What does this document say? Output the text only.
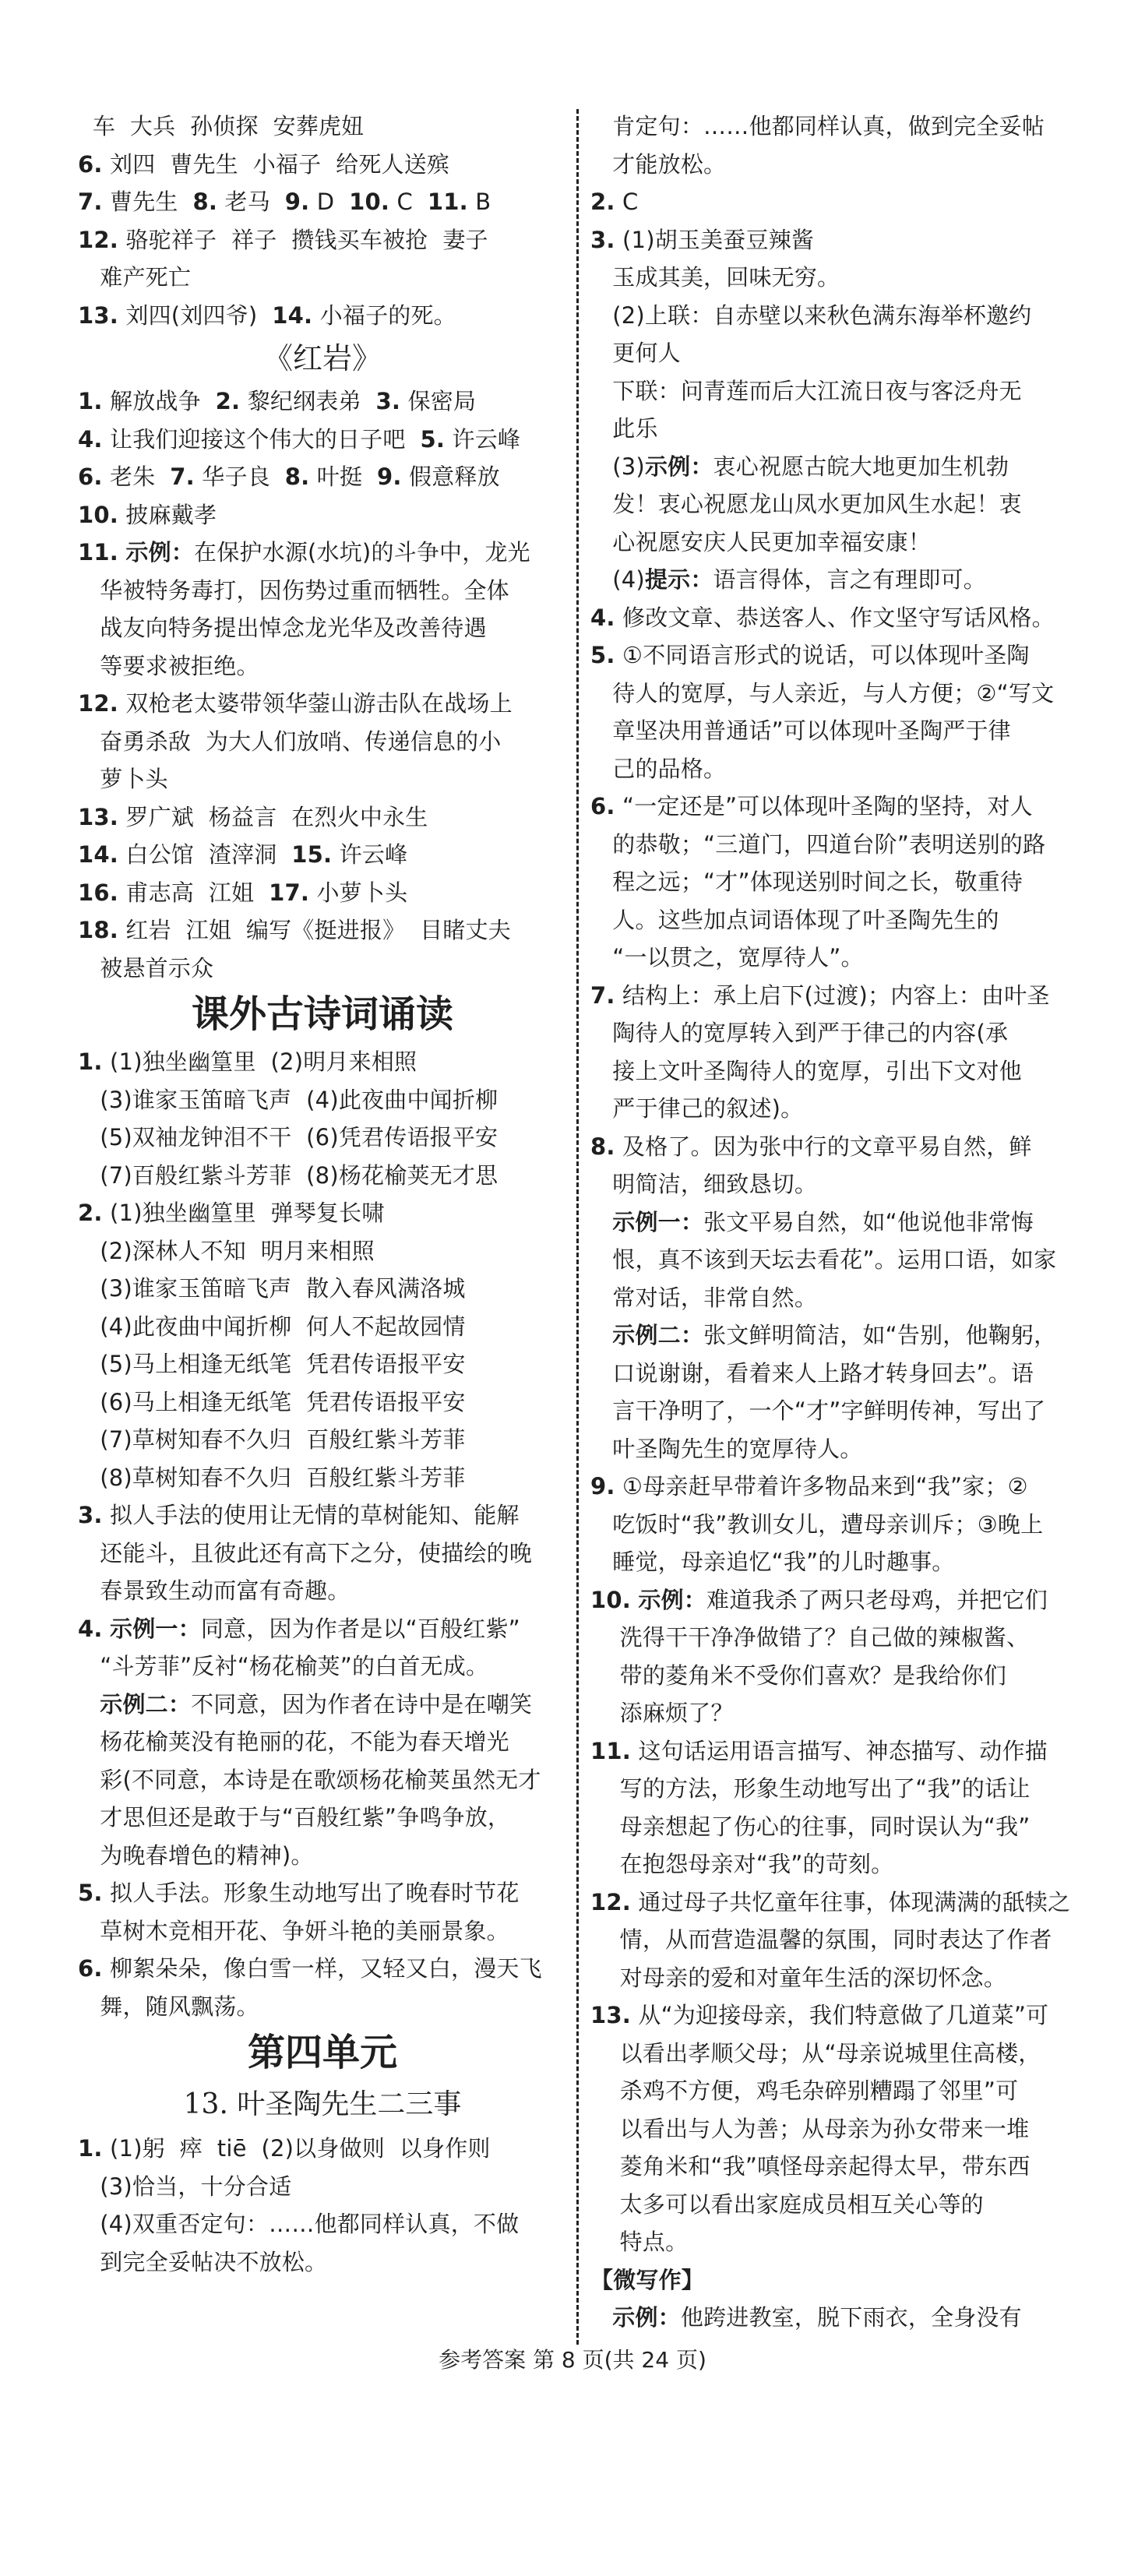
车  大兵  孙侦探  安葬虎妞
6. 刘四  曹先生  小福子  给死人送殡
7. 曹先生  8. 老马  9. D  10. C  11. B
12. 骆驼祥子  祥子  攒钱买车被抢  妻子
难产死亡
13. 刘四(刘四爷)  14. 小福子的死。
《红岩》
1. 解放战争  2. 黎纪纲表弟  3. 保密局
4. 让我们迎接这个伟大的日子吧  5. 许云峰
6. 老朱  7. 华子良  8. 叶挺  9. 假意释放
10. 披麻戴孝
11. 示例：在保护水源(水坑)的斗争中，龙光
华被特务毒打，因伤势过重而牺牲。全体
战友向特务提出悼念龙光华及改善待遇
等要求被拒绝。
12. 双枪老太婆带领华蓥山游击队在战场上
奋勇杀敌  为大人们放哨、传递信息的小
萝卜头
13. 罗广斌  杨益言  在烈火中永生
14. 白公馆  渣滓洞  15. 许云峰
16. 甫志高  江姐  17. 小萝卜头
18. 红岩  江姐  编写《挺进报》  目睹丈夫
被悬首示众
课外古诗词诵读
1. (1)独坐幽篁里  (2)明月来相照
(3)谁家玉笛暗飞声  (4)此夜曲中闻折柳
(5)双袖龙钟泪不干  (6)凭君传语报平安
(7)百般红紫斗芳菲  (8)杨花榆荚无才思
2. (1)独坐幽篁里  弹琴复长啸
(2)深林人不知  明月来相照
(3)谁家玉笛暗飞声  散入春风满洛城
(4)此夜曲中闻折柳  何人不起故园情
(5)马上相逢无纸笔  凭君传语报平安
(6)马上相逢无纸笔  凭君传语报平安
(7)草树知春不久归  百般红紫斗芳菲
(8)草树知春不久归  百般红紫斗芳菲
3. 拟人手法的使用让无情的草树能知、能解
还能斗，且彼此还有高下之分，使描绘的晚
春景致生动而富有奇趣。
4. 示例一：同意，因为作者是以“百般红紫”
“斗芳菲”反衬“杨花榆荚”的白首无成。
示例二：不同意，因为作者在诗中是在嘲笑
杨花榆荚没有艳丽的花，不能为春天增光
彩(不同意，本诗是在歌颂杨花榆荚虽然无才
才思但还是敢于与“百般红紫”争鸣争放，
为晚春增色的精神)。
5. 拟人手法。形象生动地写出了晚春时节花
草树木竞相开花、争妍斗艳的美丽景象。
6. 柳絮朵朵，像白雪一样，又轻又白，漫天飞
舞，随风飘荡。
第四单元
13. 叶圣陶先生二三事
1. (1)躬  瘁  tiē  (2)以身做则  以身作则
(3)恰当，十分合适
(4)双重否定句：……他都同样认真，不做
到完全妥帖决不放松。
肯定句：……他都同样认真，做到完全妥帖
才能放松。
2. C
3. (1)胡玉美蚕豆辣酱
玉成其美，回味无穷。
(2)上联：自赤壁以来秋色满东海举杯邀约
更何人
下联：问青莲而后大江流日夜与客泛舟无
此乐
(3)示例：衷心祝愿古皖大地更加生机勃
发！衷心祝愿龙山凤水更加风生水起！衷
心祝愿安庆人民更加幸福安康！
(4)提示：语言得体，言之有理即可。
4. 修改文章、恭送客人、作文坚守写话风格。
5. ①不同语言形式的说话，可以体现叶圣陶
待人的宽厚，与人亲近，与人方便；②“写文
章坚决用普通话”可以体现叶圣陶严于律
己的品格。
6. “一定还是”可以体现叶圣陶的坚持，对人
的恭敬；“三道门，四道台阶”表明送别的路
程之远；“才”体现送别时间之长，敬重待
人。这些加点词语体现了叶圣陶先生的
“一以贯之，宽厚待人”。
7. 结构上：承上启下(过渡)；内容上：由叶圣
陶待人的宽厚转入到严于律己的内容(承
接上文叶圣陶待人的宽厚，引出下文对他
严于律己的叙述)。
8. 及格了。因为张中行的文章平易自然，鲜
明简洁，细致恳切。
示例一：张文平易自然，如“他说他非常悔
恨，真不该到天坛去看花”。运用口语，如家
常对话，非常自然。
示例二：张文鲜明简洁，如“告别，他鞠躬，
口说谢谢，看着来人上路才转身回去”。语
言干净明了，一个“才”字鲜明传神，写出了
叶圣陶先生的宽厚待人。
9. ①母亲赶早带着许多物品来到“我”家；②
吃饭时“我”教训女儿，遭母亲训斥；③晚上
睡觉，母亲追忆“我”的儿时趣事。
10. 示例：难道我杀了两只老母鸡，并把它们
洗得干干净净做错了？自己做的辣椒酱、
带的菱角米不受你们喜欢？是我给你们
添麻烦了？
11. 这句话运用语言描写、神态描写、动作描
写的方法，形象生动地写出了“我”的话让
母亲想起了伤心的往事，同时误认为“我”
在抱怨母亲对“我”的苛刻。
12. 通过母子共忆童年往事，体现满满的舐犊之
情，从而营造温馨的氛围，同时表达了作者
对母亲的爱和对童年生活的深切怀念。
13. 从“为迎接母亲，我们特意做了几道菜”可
以看出孝顺父母；从“母亲说城里住高楼，
杀鸡不方便，鸡毛杂碎别糟蹋了邻里”可
以看出与人为善；从母亲为孙女带来一堆
菱角米和“我”嗔怪母亲起得太早，带东西
太多可以看出家庭成员相互关心等的
特点。
【微写作】
示例：他跨进教室，脱下雨衣，全身没有
参考答案 第 8 页(共 24 页)
